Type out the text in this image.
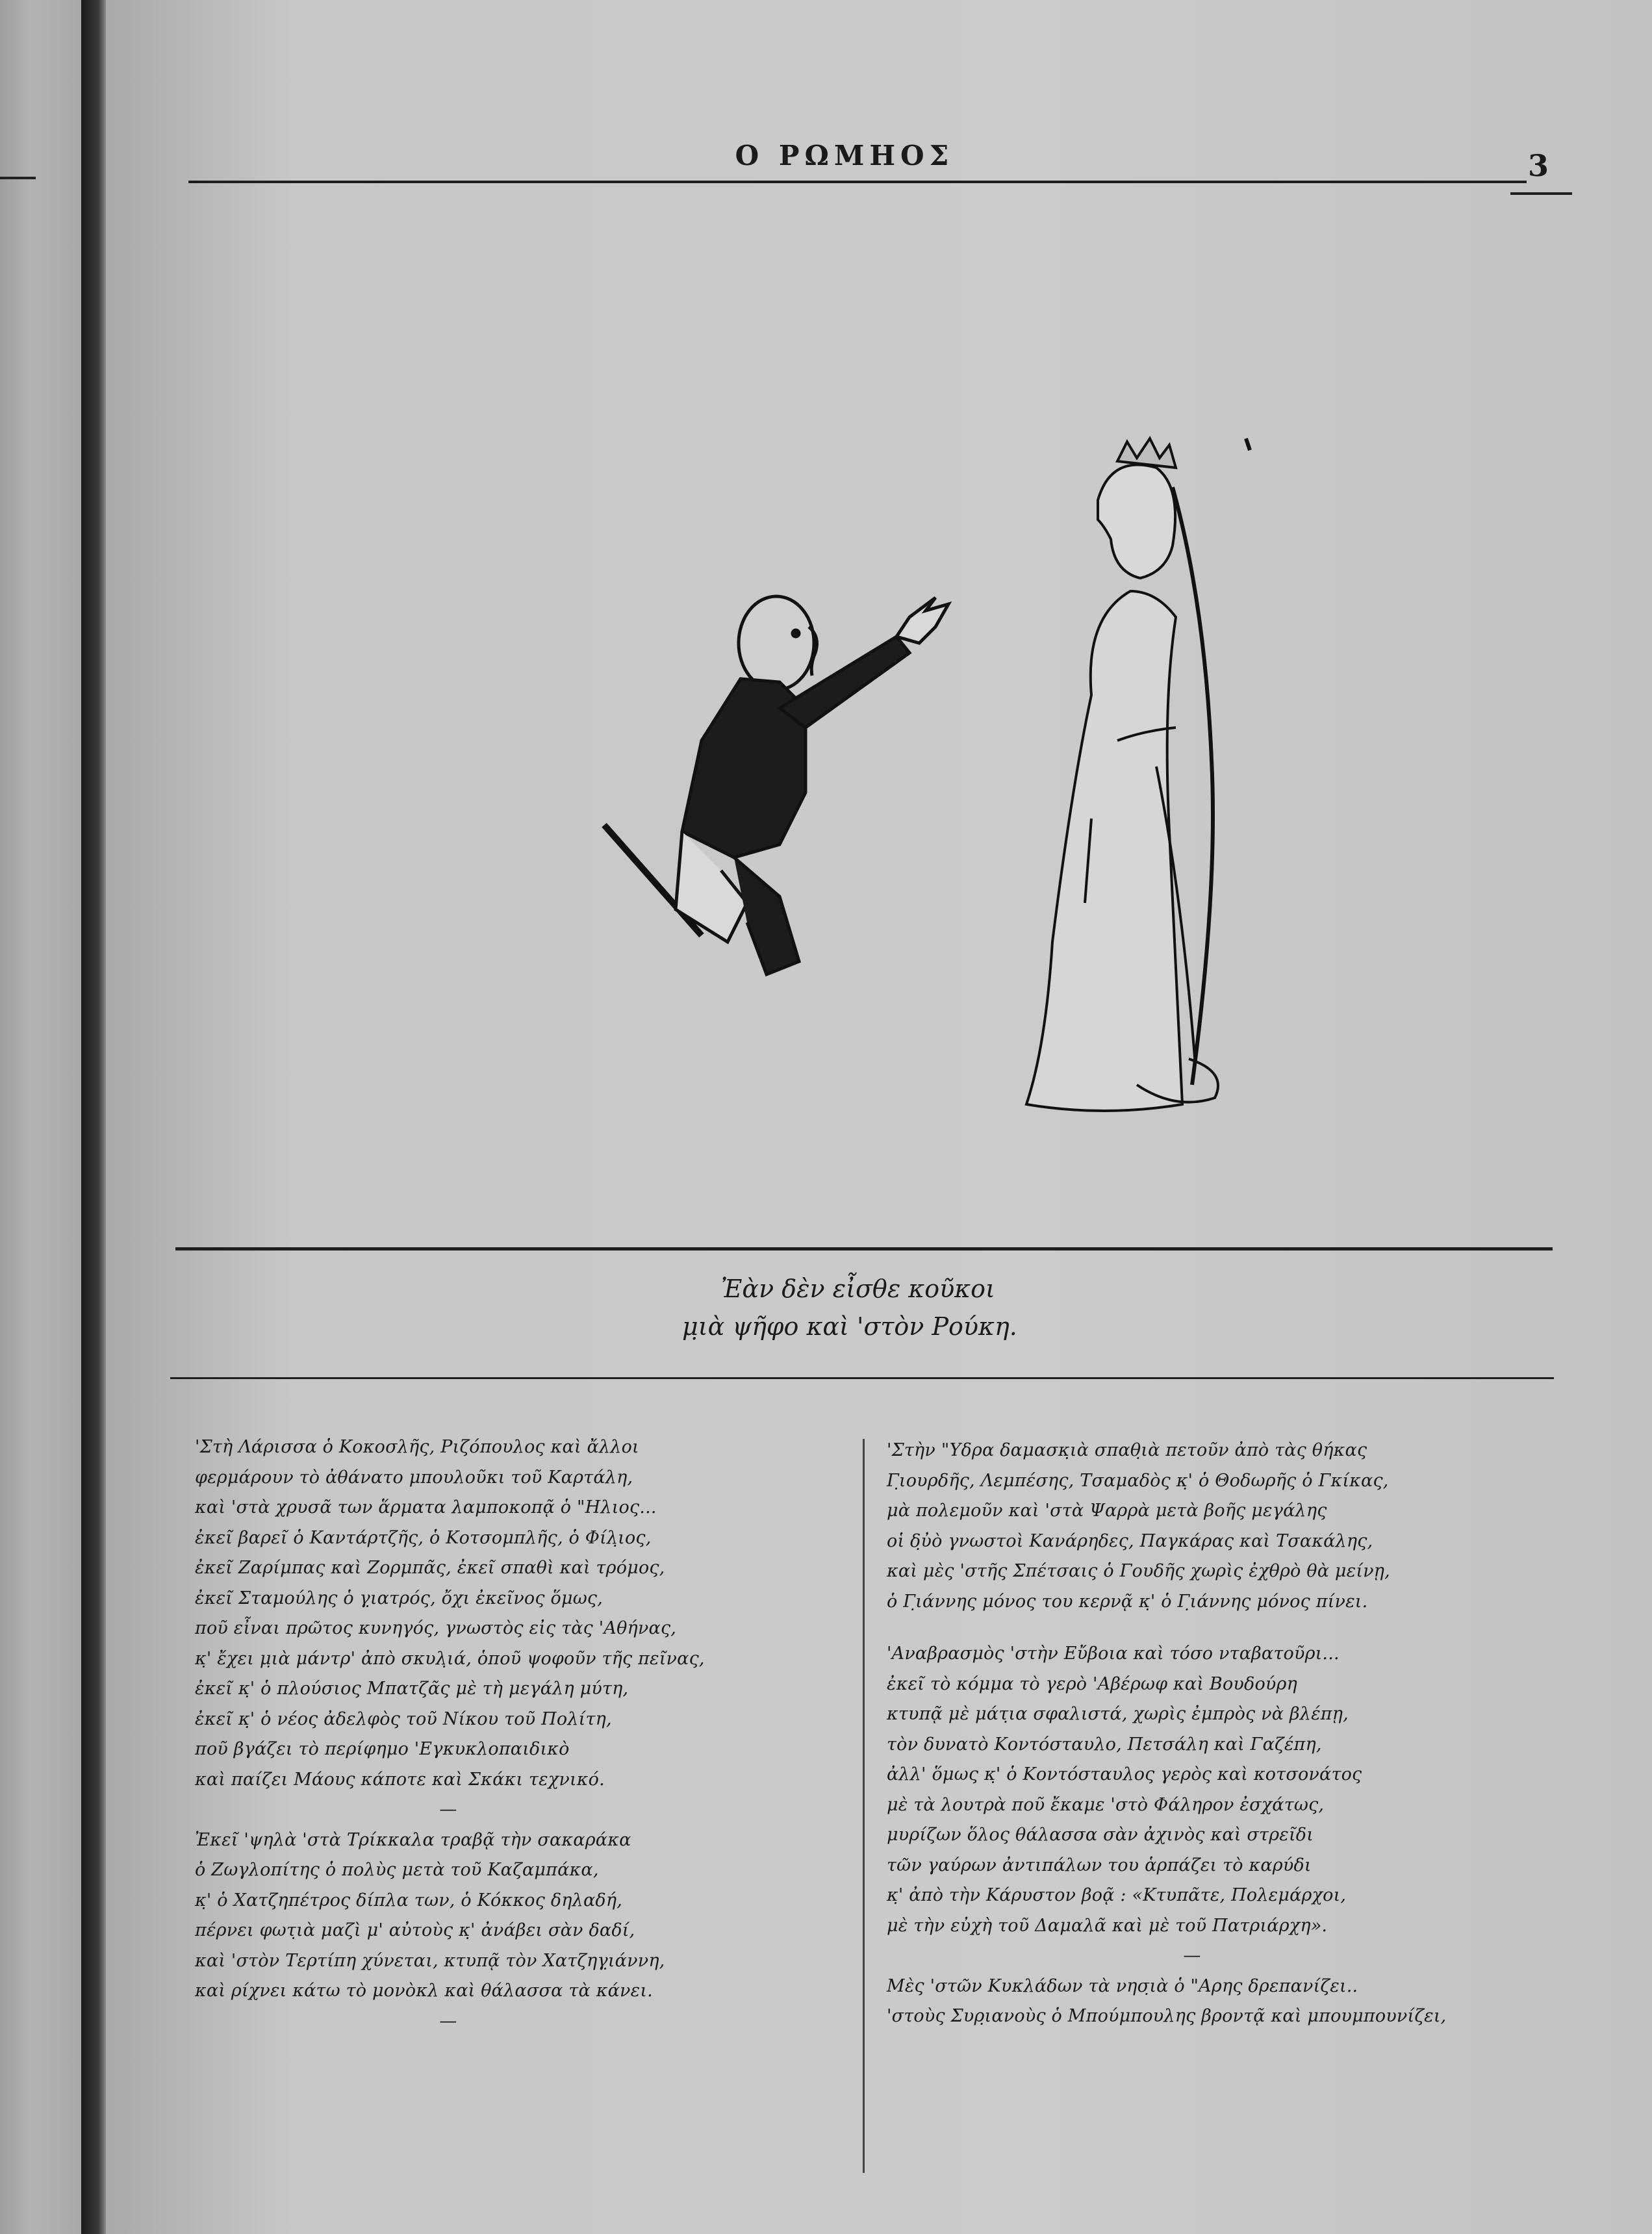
Ο ΡΩΜΗΟΣ	3
Ἐὰν δὲν εἶσθε κοῦκοι
μ̣ιὰ ψῆφο καὶ 'στὸν Ρούκη.
'Στὴ Λάρισσα ὁ Κοκοσλῆς, Ριζόπουλος καὶ ἄλλοι
φερμάρουν τὸ ἀθάνατο μπουλοῦκι τοῦ Καρτάλη,
καὶ 'στὰ χρυσᾶ των ἅρματα λαμποκοπᾷ ὁ "Ηλιος...
ἐκεῖ βαρεῖ ὁ Καντάρτζῆς, ὁ Κοτσομπλῆς, ὁ Φίλ̣ιος,
ἐκεῖ Ζαρίμπας καὶ Ζορμπᾶς, ἐκεῖ σπαθὶ καὶ τρόμος,
ἐκεῖ Σταμούλης ὁ γ̣ιατρός, ὄχι ἐκεῖνος ὅμως,
ποῦ εἶναι πρῶτος κυνηγός, γνωστὸς εἰς τὰς 'Αθήνας,
κ̣' ἔχει μ̣ιὰ μάντρ' ἀπὸ σκυλ̣ιά, ὁποῦ ψοφοῦν τῆς πεῖνας,
ἐκεῖ κ̣' ὁ πλούσιος Μπατζᾶς μὲ τὴ μεγάλη μύτη,
ἐκεῖ κ̣' ὁ νέος ἀδελφὸς τοῦ Νίκου τοῦ Πολίτη,
ποῦ βγάζει τὸ περίφημο 'Εγκυκλοπαιδικὸ
καὶ παίζει Μάους κάποτε καὶ Σκάκι τεχνικό.
—
Ἐκεῖ 'ψηλὰ 'στὰ Τρίκκαλα τραβᾷ τὴν σακαράκα
ὁ Ζωγλοπίτης ὁ πολὺς μετὰ τοῦ Καζαμπάκα,
κ̣' ὁ Χατζηπέτρος δίπλα των, ὁ Κόκκος δηλαδή,
πέρνει φωτ̣ιὰ μαζὶ μ' αὐτοὺς κ̣' ἀνάβει σὰν δαδί,
καὶ 'στὸν Τερτίπη χύνεται, κτυπᾷ τὸν Χατζηγ̣ιάννη,
καὶ ρίχνει κάτω τὸ μονὸκλ καὶ θάλασσα τὰ κάνει.
—
'Στὴν "Υδρα δαμασκ̣ιὰ σπαθ̣ιὰ πετοῦν ἀπὸ τὰς θήκας
Γ̣ιουρδῆς, Λεμπέσης, Τσαμαδὸς κ̣' ὁ Θοδωρῆς ὁ Γκίκας,
μὰ πολεμοῦν καὶ 'στὰ Ψαρρὰ μετὰ βοῆς μεγάλης
οἱ δ̣ὐὸ γνωστοὶ Κανάρηδες, Παγκάρας καὶ Τσακάλης,
καὶ μὲς 'στῆς Σπέτσαις ὁ Γουδῆς χωρὶς ἐχθρὸ θὰ μείνῃ,
ὁ Γ̣ιάννης μόνος του κερνᾷ κ̣' ὁ Γ̣ιάννης μόνος πίνει.
'Αναβρασμὸς 'στὴν Εὔβοια καὶ τόσο νταβατοῦρι...
ἐκεῖ τὸ κόμμα τὸ γερὸ 'Αβέρωφ καὶ Βουδούρη
κτυπᾷ μὲ μάτ̣ια σφαλιστά, χωρὶς ἐμπρὸς νὰ βλέπῃ,
τὸν δυνατὸ Κοντόσταυλο, Πετσάλη καὶ Γαζέπη,
ἀλλ' ὅμως κ̣' ὁ Κοντόσταυλος γερὸς καὶ κοτσονάτος
μὲ τὰ λουτρὰ ποῦ ἔκαμε 'στὸ Φάληρον ἐσχάτως,
μυρίζων ὅλος θάλασσα σὰν ἀχινὸς καὶ στρεῖδι
τῶν γαύρων ἀντιπάλων του ἁρπάζει τὸ καρύδι
κ̣' ἀπὸ τὴν Κάρυστον βοᾷ : «Κτυπᾶτε, Πολεμάρχοι,
μὲ τὴν εὐχὴ τοῦ Δαμαλᾶ καὶ μὲ τοῦ Πατριάρχη».
—
Μὲς 'στῶν Κυκλάδων τὰ νησ̣ιὰ ὁ "Αρης δρεπανίζει..
'στοὺς Συρ̣ιανοὺς ὁ Μπούμπουλης βροντᾷ καὶ μπουμπουνίζει,
